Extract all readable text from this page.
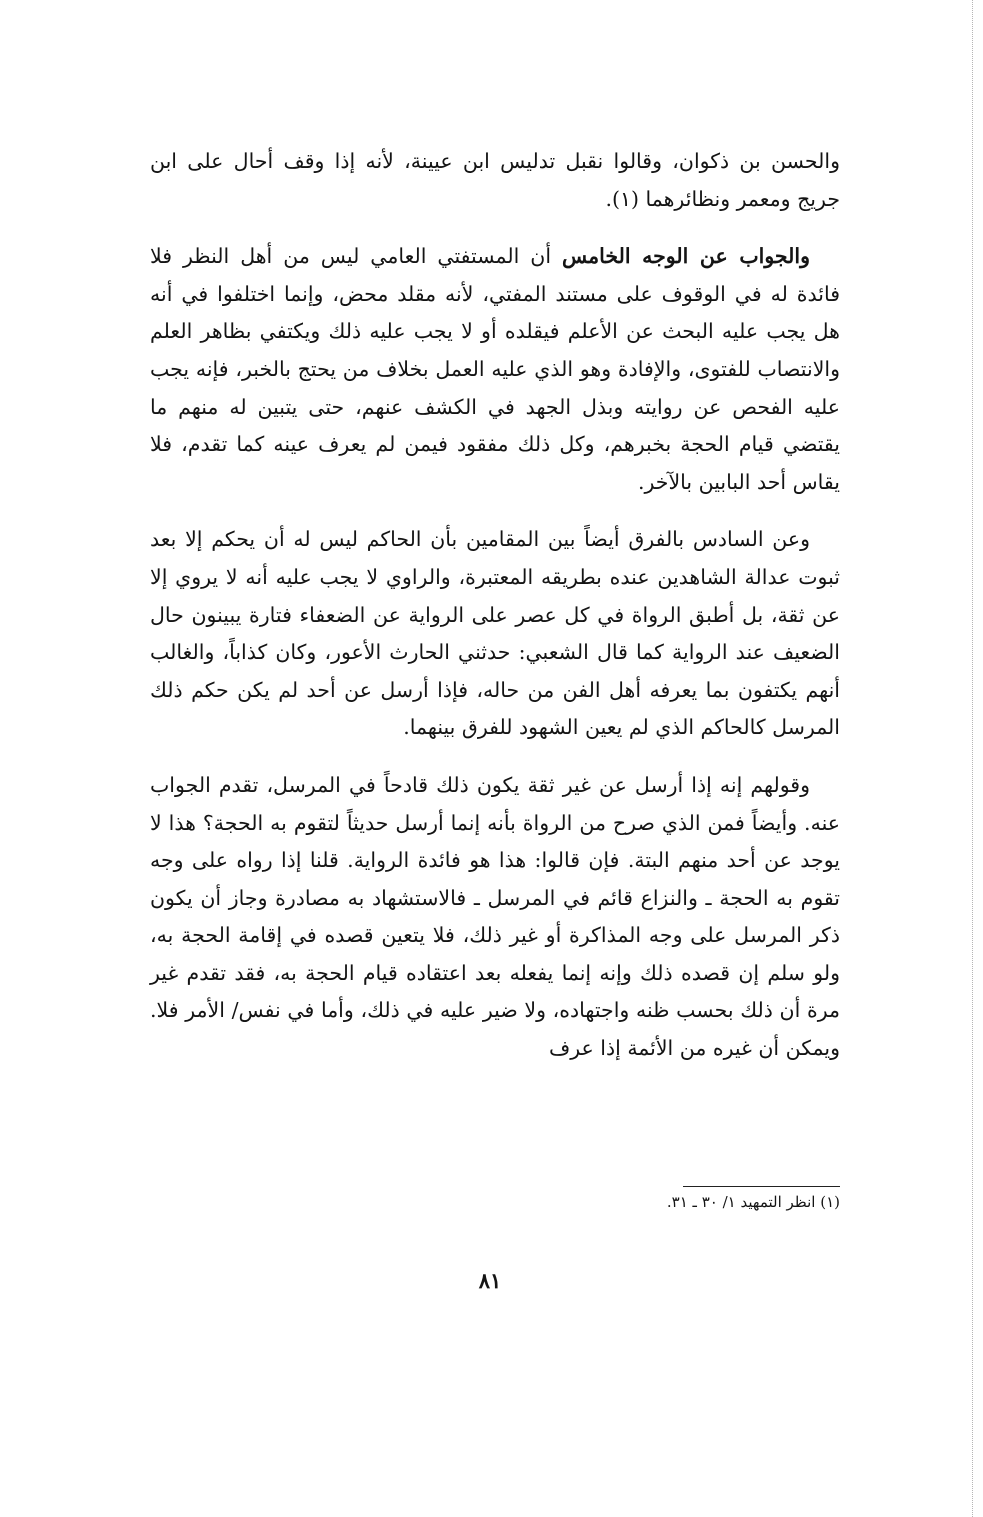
والحسن بن ذكوان، وقالوا نقبل تدليس ابن عيينة، لأنه إذا وقف أحال على ابن جريج ومعمر ونظائرهما (١).

والجواب عن الوجه الخامس أن المستفتي العامي ليس من أهل النظر فلا فائدة له في الوقوف على مستند المفتي، لأنه مقلد محض، وإنما اختلفوا في أنه هل يجب عليه البحث عن الأعلم فيقلده أو لا يجب عليه ذلك ويكتفي بظاهر العلم والانتصاب للفتوى، والإفادة وهو الذي عليه العمل بخلاف من يحتج بالخبر، فإنه يجب عليه الفحص عن روايته وبذل الجهد في الكشف عنهم، حتى يتبين له منهم ما يقتضي قيام الحجة بخبرهم، وكل ذلك مفقود فيمن لم يعرف عينه كما تقدم، فلا يقاس أحد البابين بالآخر.

وعن السادس بالفرق أيضاً بين المقامين بأن الحاكم ليس له أن يحكم إلا بعد ثبوت عدالة الشاهدين عنده بطريقه المعتبرة، والراوي لا يجب عليه أنه لا يروي إلا عن ثقة، بل أطبق الرواة في كل عصر على الرواية عن الضعفاء فتارة يبينون حال الضعيف عند الرواية كما قال الشعبي: حدثني الحارث الأعور، وكان كذاباً، والغالب أنهم يكتفون بما يعرفه أهل الفن من حاله، فإذا أرسل عن أحد لم يكن حكم ذلك المرسل كالحاكم الذي لم يعين الشهود للفرق بينهما.

وقولهم إنه إذا أرسل عن غير ثقة يكون ذلك قادحاً في المرسل، تقدم الجواب عنه. وأيضاً فمن الذي صرح من الرواة بأنه إنما أرسل حديثاً لتقوم به الحجة؟ هذا لا يوجد عن أحد منهم البتة. فإن قالوا: هذا هو فائدة الرواية. قلنا إذا رواه على وجه تقوم به الحجة ـ والنزاع قائم في المرسل ـ فالاستشهاد به مصادرة وجاز أن يكون ذكر المرسل على وجه المذاكرة أو غير ذلك، فلا يتعين قصده في إقامة الحجة به، ولو سلم إن قصده ذلك وإنه إنما يفعله بعد اعتقاده قيام الحجة به، فقد تقدم غير مرة أن ذلك بحسب ظنه واجتهاده، ولا ضير عليه في ذلك، وأما في نفس/ الأمر فلا. ويمكن أن غيره من الأئمة إذا عرف

(١) انظر التمهيد ١/ ٣٠ ـ ٣١.
٨١
